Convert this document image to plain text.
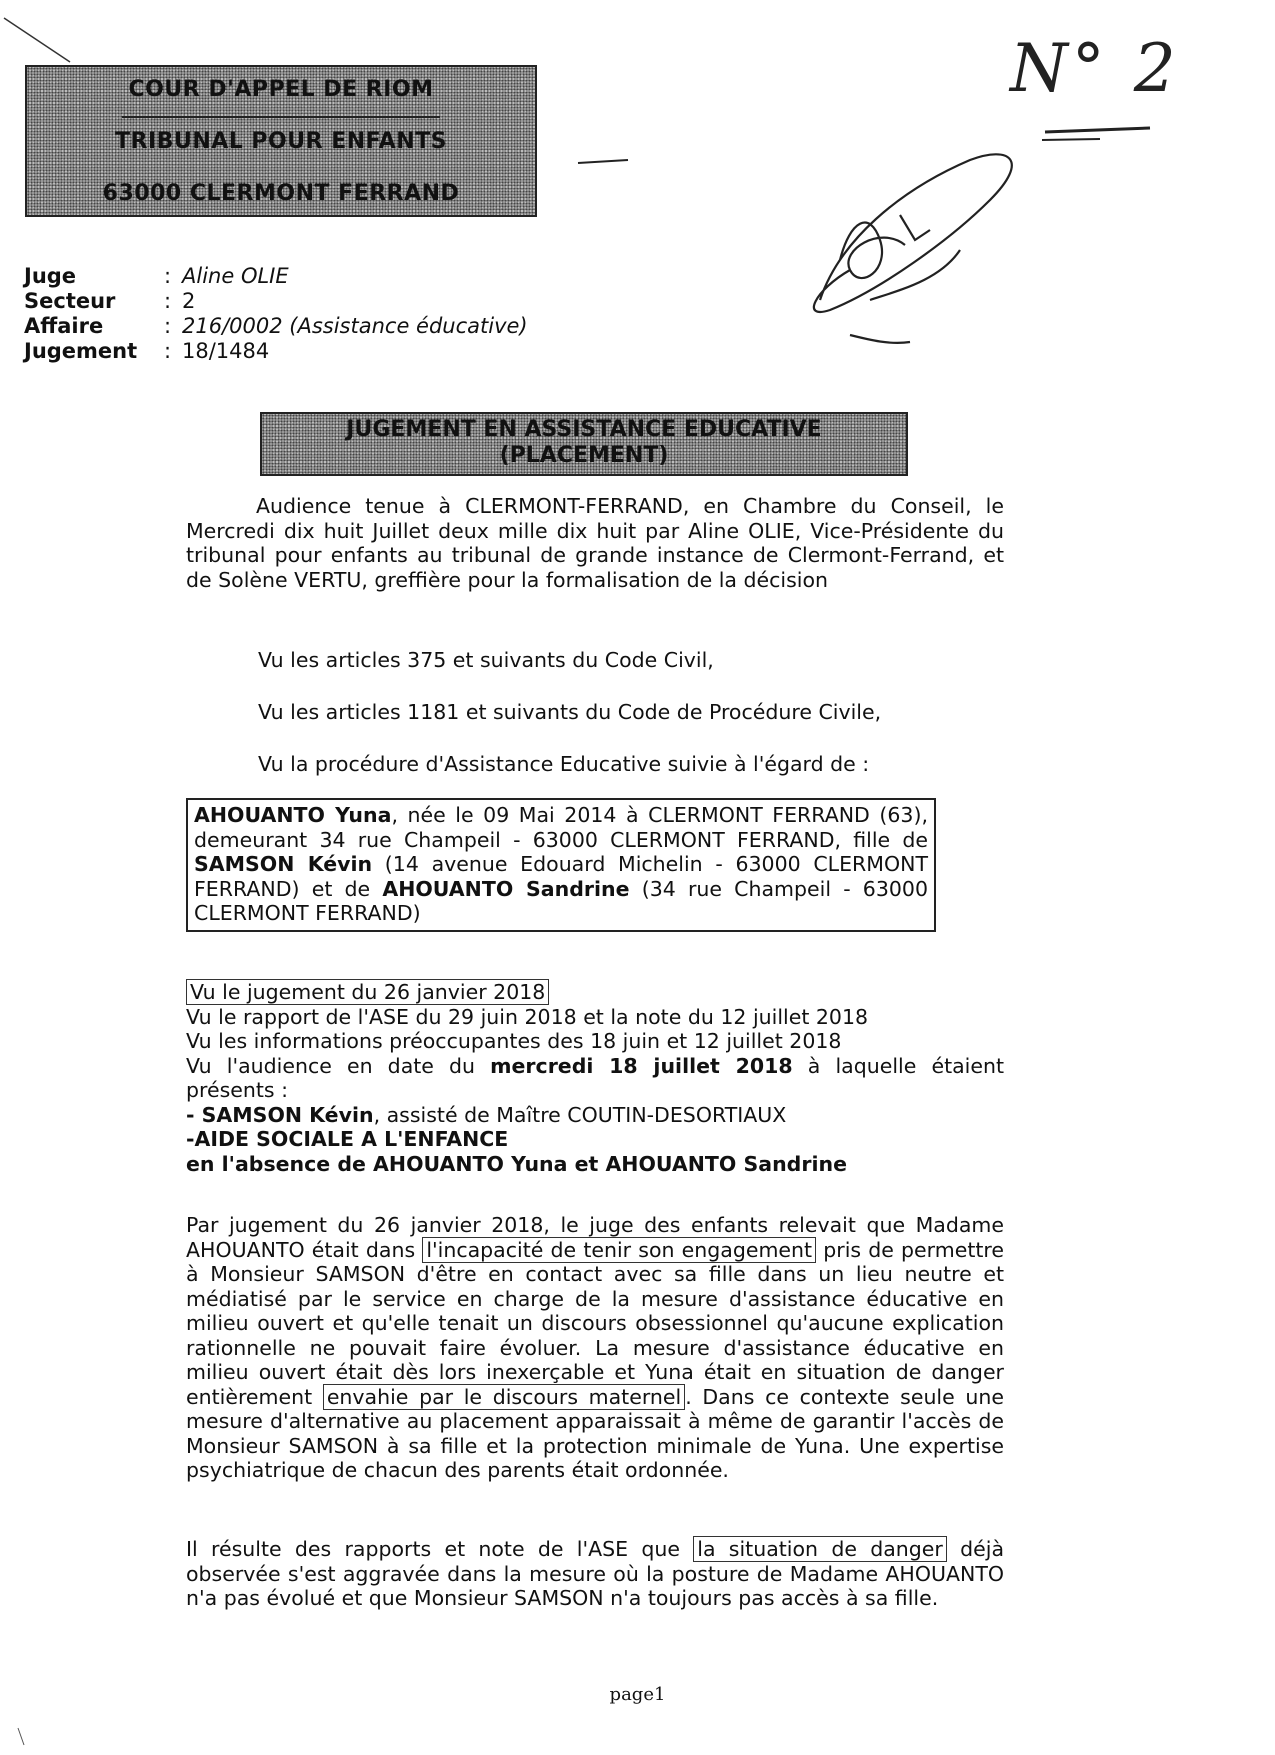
N° 2
COUR D'APPEL DE RIOM
TRIBUNAL POUR ENFANTS
63000 CLERMONT FERRAND
Juge	: Aline OLIE
Secteur	: 2
Affaire	: 216/0002 (Assistance éducative)
Jugement	: 18/1484
JUGEMENT EN ASSISTANCE EDUCATIVE
(PLACEMENT)
Audience tenue à CLERMONT-FERRAND, en Chambre du Conseil, le Mercredi dix huit Juillet deux mille dix huit par Aline OLIE, Vice-Présidente du tribunal pour enfants au tribunal de grande instance de Clermont-Ferrand, et de Solène VERTU, greffière pour la formalisation de la décision
Vu les articles 375 et suivants du Code Civil,
Vu les articles 1181 et suivants du Code de Procédure Civile,
Vu la procédure d'Assistance Educative suivie à l'égard de :
AHOUANTO Yuna, née le 09 Mai 2014 à CLERMONT FERRAND (63), demeurant 34 rue Champeil - 63000 CLERMONT FERRAND, fille de SAMSON Kévin (14 avenue Edouard Michelin - 63000 CLERMONT FERRAND) et de AHOUANTO Sandrine (34 rue Champeil - 63000 CLERMONT FERRAND)
Vu le jugement du 26 janvier 2018
Vu le rapport de l'ASE du 29 juin 2018 et la note du 12 juillet 2018
Vu les informations préoccupantes des 18 juin et 12 juillet 2018
Vu l'audience en date du mercredi 18 juillet 2018 à laquelle étaient présents :
- SAMSON Kévin, assisté de Maître COUTIN-DESORTIAUX
-AIDE SOCIALE A L'ENFANCE
en l'absence de AHOUANTO Yuna et AHOUANTO Sandrine
Par jugement du 26 janvier 2018, le juge des enfants relevait que Madame AHOUANTO était dans l'incapacité de tenir son engagement pris de permettre à Monsieur SAMSON d'être en contact avec sa fille dans un lieu neutre et médiatisé par le service en charge de la mesure d'assistance éducative en milieu ouvert et qu'elle tenait un discours obsessionnel qu'aucune explication rationnelle ne pouvait faire évoluer. La mesure d'assistance éducative en milieu ouvert était dès lors inexerçable et Yuna était en situation de danger entièrement envahie par le discours maternel . Dans ce contexte seule une mesure d'alternative au placement apparaissait à même de garantir l'accès de Monsieur SAMSON à sa fille et la protection minimale de Yuna. Une expertise psychiatrique de chacun des parents était ordonnée.
Il résulte des rapports et note de l'ASE que la situation de danger déjà observée s'est aggravée dans la mesure où la posture de Madame AHOUANTO n'a pas évolué et que Monsieur SAMSON n'a toujours pas accès à sa fille.
page1
